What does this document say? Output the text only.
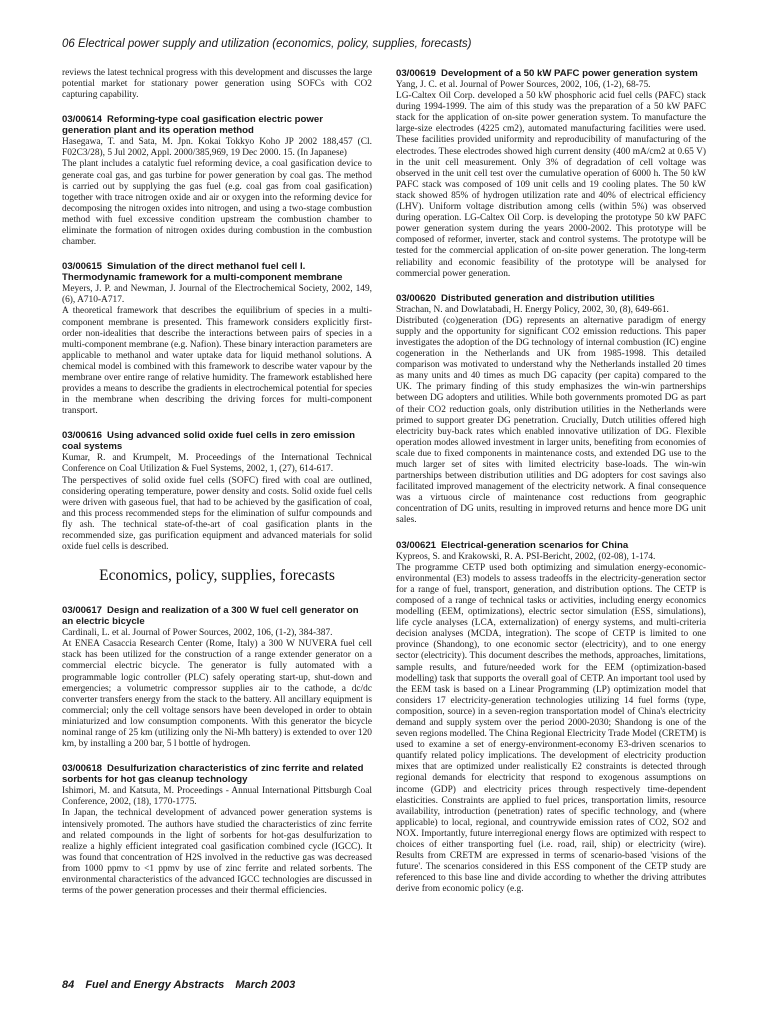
06 Electrical power supply and utilization (economics, policy, supplies, forecasts)

reviews the latest technical progress with this development and discusses the large potential market for stationary power generation using SOFCs with CO2 capturing capability.

03/00614 Reforming-type coal gasification electric power generation plant and its operation method

Hasegawa, T. and Sata, M. Jpn. Kokai Tokkyo Koho JP 2002 188,457 (Cl. F02C3/28), 5 Jul 2002, Appl. 2000/385,969, 19 Dec 2000. 15. (In Japanese)

The plant includes a catalytic fuel reforming device, a coal gasification device to generate coal gas, and gas turbine for power generation by coal gas. The method is carried out by supplying the gas fuel (e.g. coal gas from coal gasification) together with trace nitrogen oxide and air or oxygen into the reforming device for decomposing the nitrogen oxides into nitrogen, and using a two-stage combustion method with fuel excessive condition upstream the combustion chamber to eliminate the formation of nitrogen oxides during combustion in the combustion chamber.

03/00615 Simulation of the direct methanol fuel cell I. Thermodynamic framework for a multi-component membrane

Meyers, J. P. and Newman, J. Journal of the Electrochemical Society, 2002, 149, (6), A710-A717.

A theoretical framework that describes the equilibrium of species in a multi-component membrane is presented. This framework considers explicitly first-order non-idealities that describe the interactions between pairs of species in a multi-component membrane (e.g. Nafion). These binary interaction parameters are applicable to methanol and water uptake data for liquid methanol solutions. A chemical model is combined with this framework to describe water vapour by the membrane over entire range of relative humidity. The framework established here provides a means to describe the gradients in electrochemical potential for species in the membrane when describing the driving forces for multi-component transport.

03/00616 Using advanced solid oxide fuel cells in zero emission coal systems

Kumar, R. and Krumpelt, M. Proceedings of the International Technical Conference on Coal Utilization & Fuel Systems, 2002, 1, (27), 614-617.

The perspectives of solid oxide fuel cells (SOFC) fired with coal are outlined, considering operating temperature, power density and costs. Solid oxide fuel cells were driven with gaseous fuel, that had to be achieved by the gasification of coal, and this process recommended steps for the elimination of sulfur compounds and fly ash. The technical state-of-the-art of coal gasification plants in the recommended size, gas purification equipment and advanced materials for solid oxide fuel cells is described.

Economics, policy, supplies, forecasts

03/00617 Design and realization of a 300 W fuel cell generator on an electric bicycle

Cardinali, L. et al. Journal of Power Sources, 2002, 106, (1-2), 384-387.

At ENEA Casaccia Research Center (Rome, Italy) a 300 W NUVERA fuel cell stack has been utilized for the construction of a range extender generator on a commercial electric bicycle. The generator is fully automated with a programmable logic controller (PLC) safely operating start-up, shut-down and emergencies; a volumetric compressor supplies air to the cathode, a dc/dc converter transfers energy from the stack to the battery. All ancillary equipment is commercial; only the cell voltage sensors have been developed in order to obtain miniaturized and low consumption components. With this generator the bicycle nominal range of 25 km (utilizing only the Ni-Mh battery) is extended to over 120 km, by installing a 200 bar, 5 l bottle of hydrogen.

03/00618 Desulfurization characteristics of zinc ferrite and related sorbents for hot gas cleanup technology

Ishimori, M. and Katsuta, M. Proceedings - Annual International Pittsburgh Coal Conference, 2002, (18), 1770-1775.

In Japan, the technical development of advanced power generation systems is intensively promoted. The authors have studied the characteristics of zinc ferrite and related compounds in the light of sorbents for hot-gas desulfurization to realize a highly efficient integrated coal gasification combined cycle (IGCC). It was found that concentration of H2S involved in the reductive gas was decreased from 1000 ppmv to <1 ppmv by use of zinc ferrite and related sorbents. The environmental characteristics of the advanced IGCC technologies are discussed in terms of the power generation processes and their thermal efficiencies.

03/00619 Development of a 50 kW PAFC power generation system

Yang, J. C. et al. Journal of Power Sources, 2002, 106, (1-2), 68-75.

LG-Caltex Oil Corp. developed a 50 kW phosphoric acid fuel cells (PAFC) stack during 1994-1999. The aim of this study was the preparation of a 50 kW PAFC stack for the application of on-site power generation system. To manufacture the large-size electrodes (4225 cm2), automated manufacturing facilities were used. These facilities provided uniformity and reproducibility of manufacturing of the electrodes. These electrodes showed high current density (400 mA/cm2 at 0.65 V) in the unit cell measurement. Only 3% of degradation of cell voltage was observed in the unit cell test over the cumulative operation of 6000 h. The 50 kW PAFC stack was composed of 109 unit cells and 19 cooling plates. The 50 kW stack showed 85% of hydrogen utilization rate and 40% of electrical efficiency (LHV). Uniform voltage distribution among cells (within 5%) was observed during operation. LG-Caltex Oil Corp. is developing the prototype 50 kW PAFC power generation system during the years 2000-2002. This prototype will be composed of reformer, inverter, stack and control systems. The prototype will be tested for the commercial application of on-site power generation. The long-term reliability and economic feasibility of the prototype will be analysed for commercial power generation.

03/00620 Distributed generation and distribution utilities

Strachan, N. and Dowlatabadi, H. Energy Policy, 2002, 30, (8), 649-661.

Distributed (co)generation (DG) represents an alternative paradigm of energy supply and the opportunity for significant CO2 emission reductions. This paper investigates the adoption of the DG technology of internal combustion (IC) engine cogeneration in the Netherlands and UK from 1985-1998. This detailed comparison was motivated to understand why the Netherlands installed 20 times as many units and 40 times as much DG capacity (per capita) compared to the UK. The primary finding of this study emphasizes the win-win partnerships between DG adopters and utilities. While both governments promoted DG as part of their CO2 reduction goals, only distribution utilities in the Netherlands were primed to support greater DG penetration. Crucially, Dutch utilities offered high electricity buy-back rates which enabled innovative utilization of DG. Flexible operation modes allowed investment in larger units, benefiting from economies of scale due to fixed components in maintenance costs, and extended DG use to the much larger set of sites with limited electricity base-loads. The win-win partnerships between distribution utilities and DG adopters for cost savings also facilitated improved management of the electricity network. A final consequence was a virtuous circle of maintenance cost reductions from geographic concentration of DG units, resulting in improved returns and hence more DG unit sales.

03/00621 Electrical-generation scenarios for China

Kypreos, S. and Krakowski, R. A. PSI-Bericht, 2002, (02-08), 1-174.

The programme CETP used both optimizing and simulation energy-economic-environmental (E3) models to assess tradeoffs in the electricity-generation sector for a range of fuel, transport, generation, and distribution options. The CETP is composed of a range of technical tasks or activities, including energy economics modelling (EEM, optimizations), electric sector simulation (ESS, simulations), life cycle analyses (LCA, externalization) of energy systems, and multi-criteria decision analyses (MCDA, integration). The scope of CETP is limited to one province (Shandong), to one economic sector (electricity), and to one energy sector (electricity). This document describes the methods, approaches, limitations, sample results, and future/needed work for the EEM (optimization-based modelling) task that supports the overall goal of CETP. An important tool used by the EEM task is based on a Linear Programming (LP) optimization model that considers 17 electricity-generation technologies utilizing 14 fuel forms (type, composition, source) in a seven-region transportation model of China's electricity demand and supply system over the period 2000-2030; Shandong is one of the seven regions modelled. The China Regional Electricity Trade Model (CRETM) is used to examine a set of energy-environment-economy E3-driven scenarios to quantify related policy implications. The development of electricity production mixes that are optimized under realistically E2 constraints is detected through regional demands for electricity that respond to exogenous assumptions on income (GDP) and electricity prices through respectively time-dependent elasticities. Constraints are applied to fuel prices, transportation limits, resource availability, introduction (penetration) rates of specific technology, and (where applicable) to local, regional, and countrywide emission rates of CO2, SO2 and NOX. Importantly, future interregional energy flows are optimized with respect to choices of either transporting fuel (i.e. road, rail, ship) or electricity (wire). Results from CRETM are expressed in terms of scenario-based 'visions of the future'. The scenarios considered in this ESS component of the CETP study are referenced to this base line and divide according to whether the driving attributes derive from economic policy (e.g.

84 Fuel and Energy Abstracts March 2003
